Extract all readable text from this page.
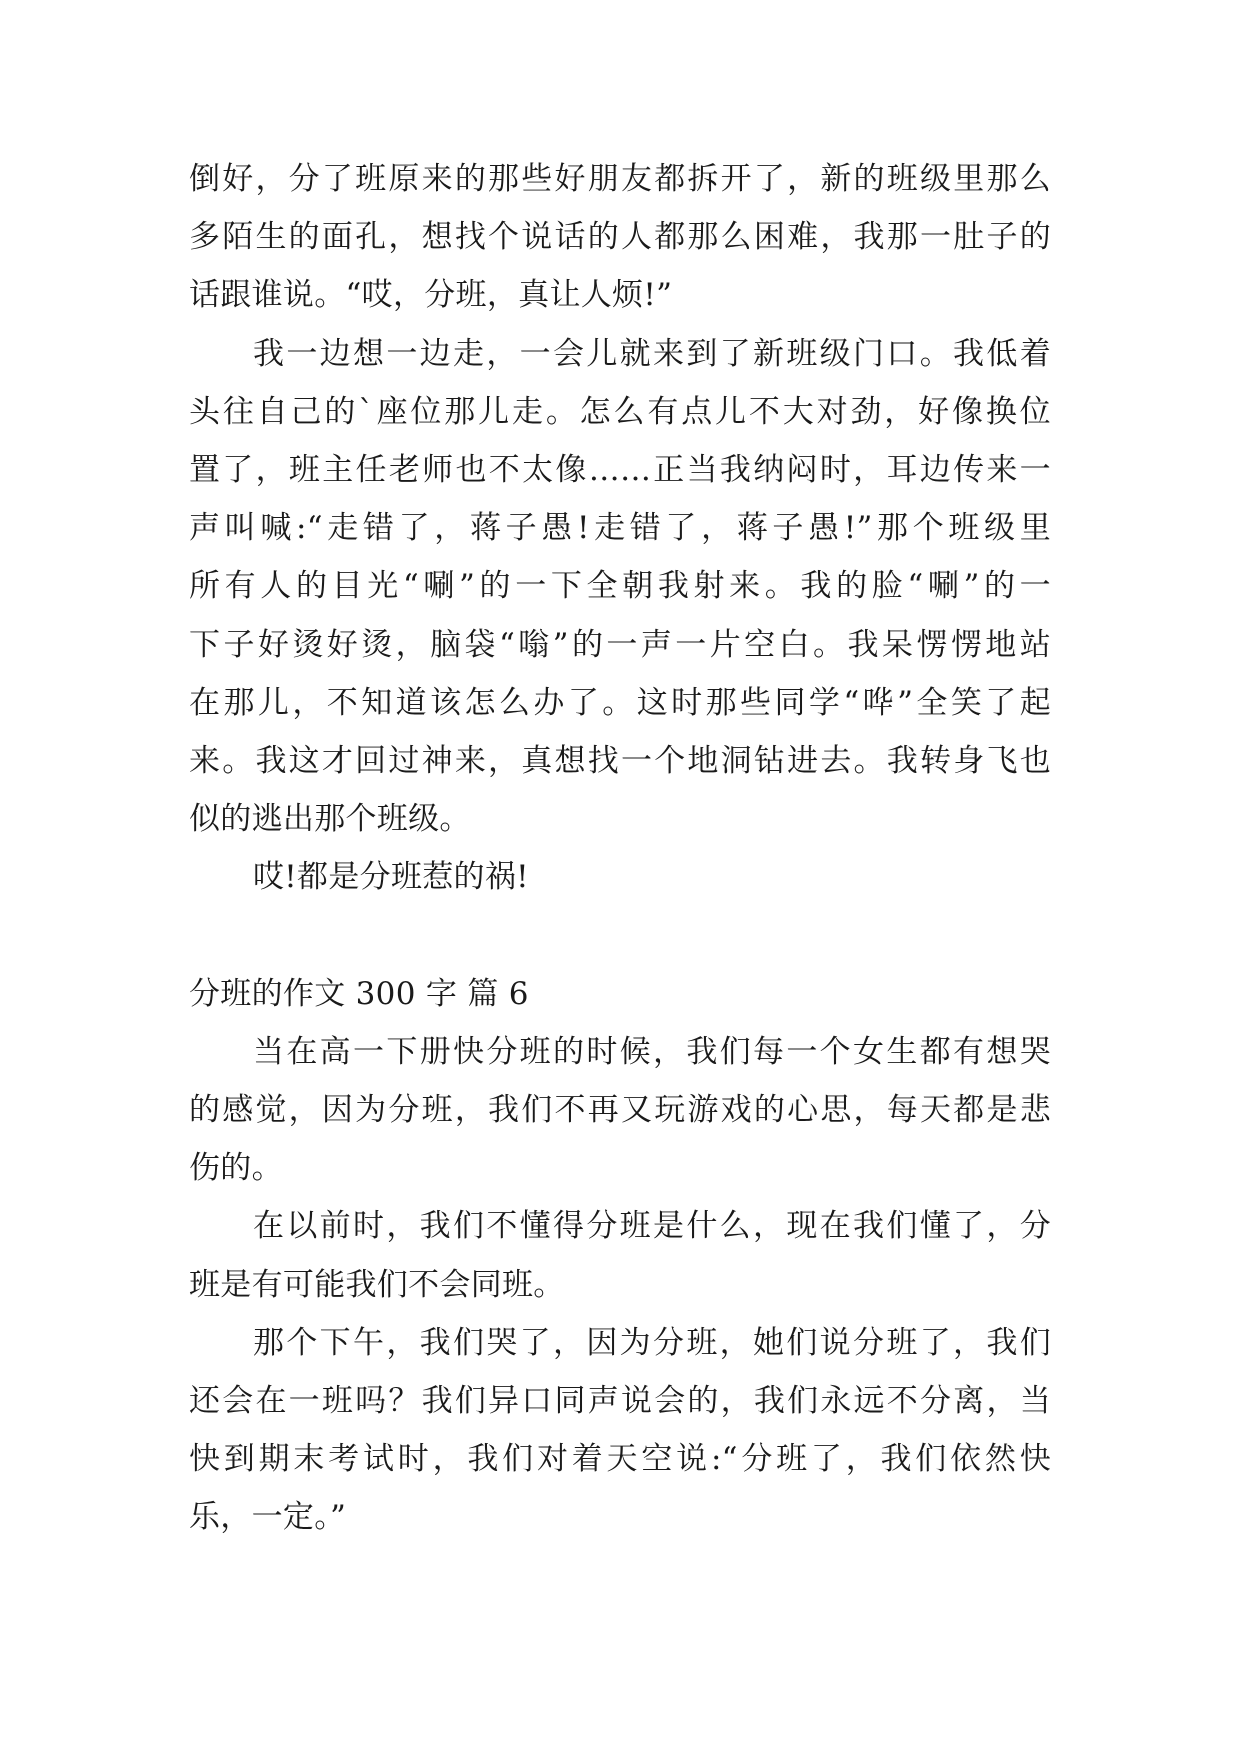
倒好，分了班原来的那些好朋友都拆开了，新的班级里那么
多陌生的面孔，想找个说话的人都那么困难，我那一肚子的
话跟谁说。“哎，分班，真让人烦!”
我一边想一边走，一会儿就来到了新班级门口。我低着
头往自己的`座位那儿走。怎么有点儿不大对劲，好像换位
置了，班主任老师也不太像……正当我纳闷时，耳边传来一
声叫喊:“走错了，蒋子愚!走错了，蒋子愚!”那个班级里
所有人的目光“唰”的一下全朝我射来。我的脸“唰”的一
下子好烫好烫，脑袋“嗡”的一声一片空白。我呆愣愣地站
在那儿，不知道该怎么办了。这时那些同学“哗”全笑了起
来。我这才回过神来，真想找一个地洞钻进去。我转身飞也
似的逃出那个班级。
哎!都是分班惹的祸!
分班的作文 300 字 篇 6
当在高一下册快分班的时候，我们每一个女生都有想哭
的感觉，因为分班，我们不再又玩游戏的心思，每天都是悲
伤的。
在以前时，我们不懂得分班是什么，现在我们懂了，分
班是有可能我们不会同班。
那个下午，我们哭了，因为分班，她们说分班了，我们
还会在一班吗？我们异口同声说会的，我们永远不分离，当
快到期末考试时，我们对着天空说:“分班了，我们依然快
乐，一定。”
